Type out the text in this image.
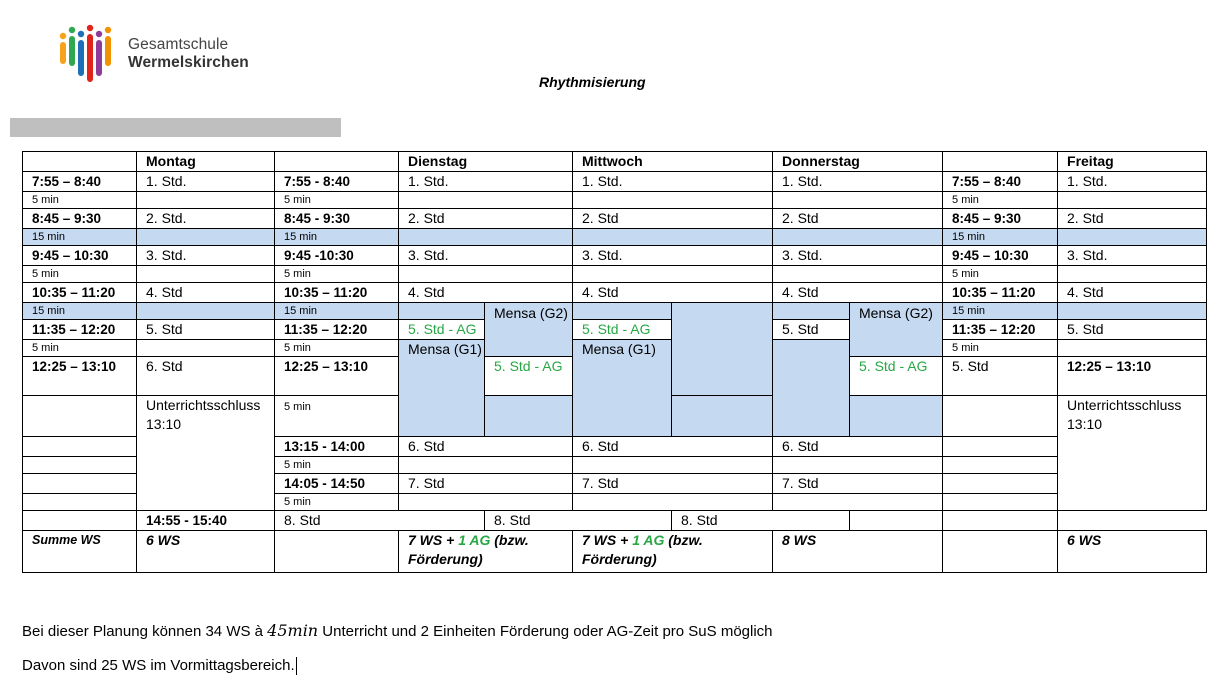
Gesamtschule
Wermelskirchen
Rhythmisierung
	Montag		Dienstag		Mittwoch		Donnerstag			Freitag	
7:55 – 8:40	1. Std.	7:55 - 8:40	1. Std.		1. Std.		1. Std.		7:55 – 8:40	1. Std.	
5 min		5 min							5 min		
8:45 – 9:30	2. Std.	8:45 - 9:30	2. Std		2. Std		2. Std		8:45 – 9:30	2. Std	
15 min		15 min							15 min		
9:45 – 10:30	3. Std.	9:45 -10:30	3. Std.		3. Std.		3. Std.		9:45 – 10:30	3. Std.	
5 min		5 min							5 min		
10:35 – 11:20	4. Std	10:35 – 11:20	4. Std		4. Std		4. Std		10:35 – 11:20	4. Std	
15 min		15 min		Mensa (G2)				Mensa (G2)	15 min		
11:35 – 12:20	5. Std	11:35 – 12:20	5. Std - AG		5. Std - AG		5. Std		11:35 – 12:20	5. Std	
5 min		5 min	Mensa (G1)		Mensa (G1)				5 min		
12:25 – 13:10	6. Std	12:25 – 13:10		5. Std - AG				5. Std - AG	5. Std	12:25 – 13:10	
	Unterrichtsschluss 13:10	5 min								Unterrichtsschluss 13:10	
		13:15 - 14:00	6. Std		6. Std		6. Std				
		5 min									
		14:05 - 14:50	7. Std		7. Std		7. Std				
		5 min									
	14:55 - 15:40	8. Std		8. Std		8. Std					
Summe WS	6 WS		7 WS + 1 AG (bzw. Förderung)		7 WS + 1 AG (bzw. Förderung)		8 WS			6 WS	
Bei dieser Planung können 34 WS à 45min Unterricht und 2 Einheiten Förderung oder AG-Zeit pro SuS möglich
Davon sind 25 WS im Vormittagsbereich.
